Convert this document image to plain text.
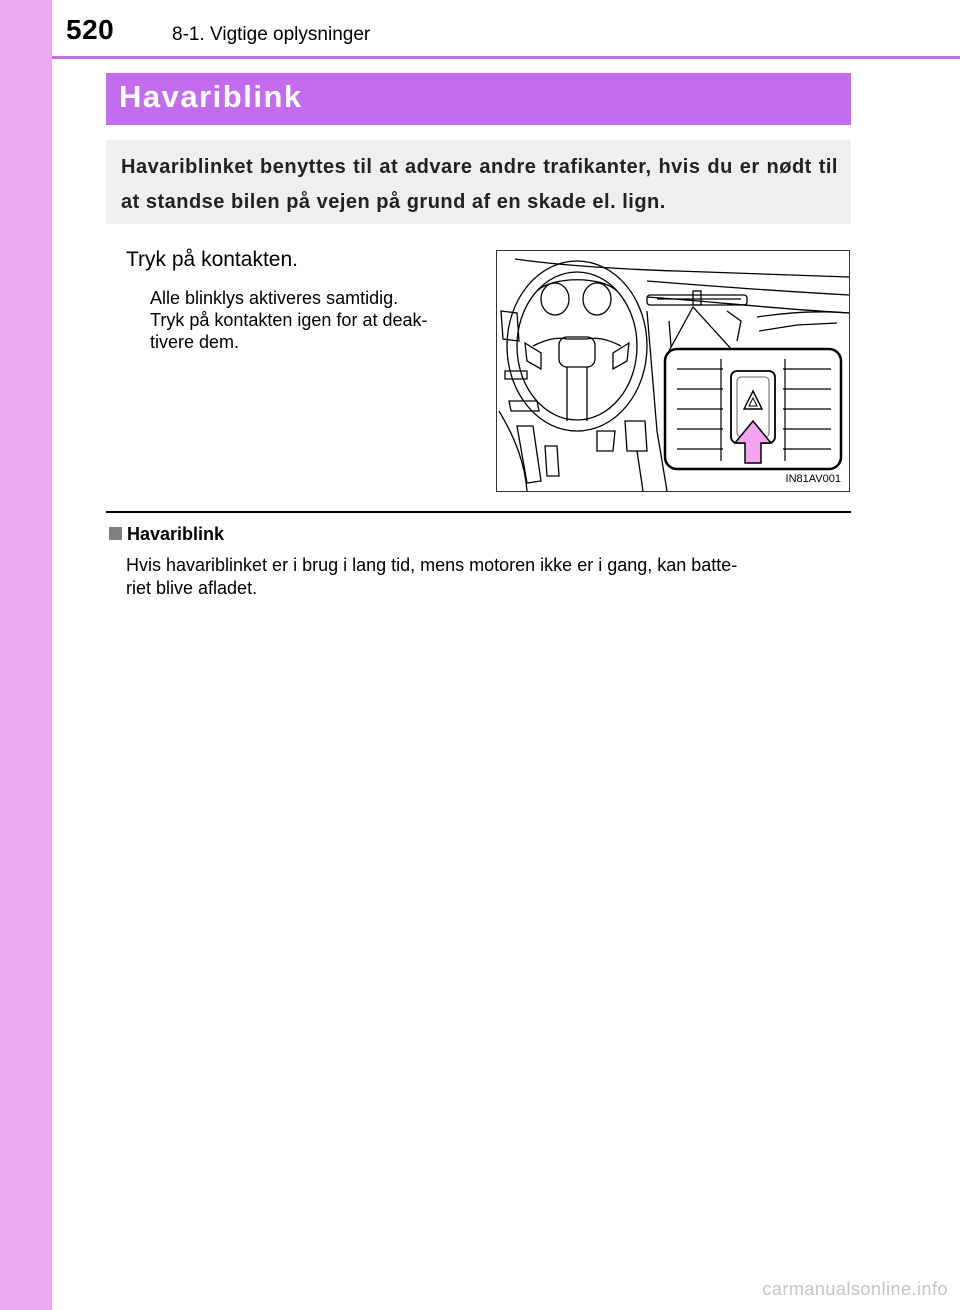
520	8-1. Vigtige oplysninger
Havariblink
Havariblinket benyttes til at advare andre trafikanter, hvis du er nødt til at standse bilen på vejen på grund af en skade el. lign.
Tryk på kontakten.
Alle blinklys aktiveres samtidig.
Tryk på kontakten igen for at deak-
tivere dem.
IN81AV001
Havariblink
Hvis havariblinket er i brug i lang tid, mens motoren ikke er i gang, kan batte-
riet blive afladet.
carmanualsonline.info
